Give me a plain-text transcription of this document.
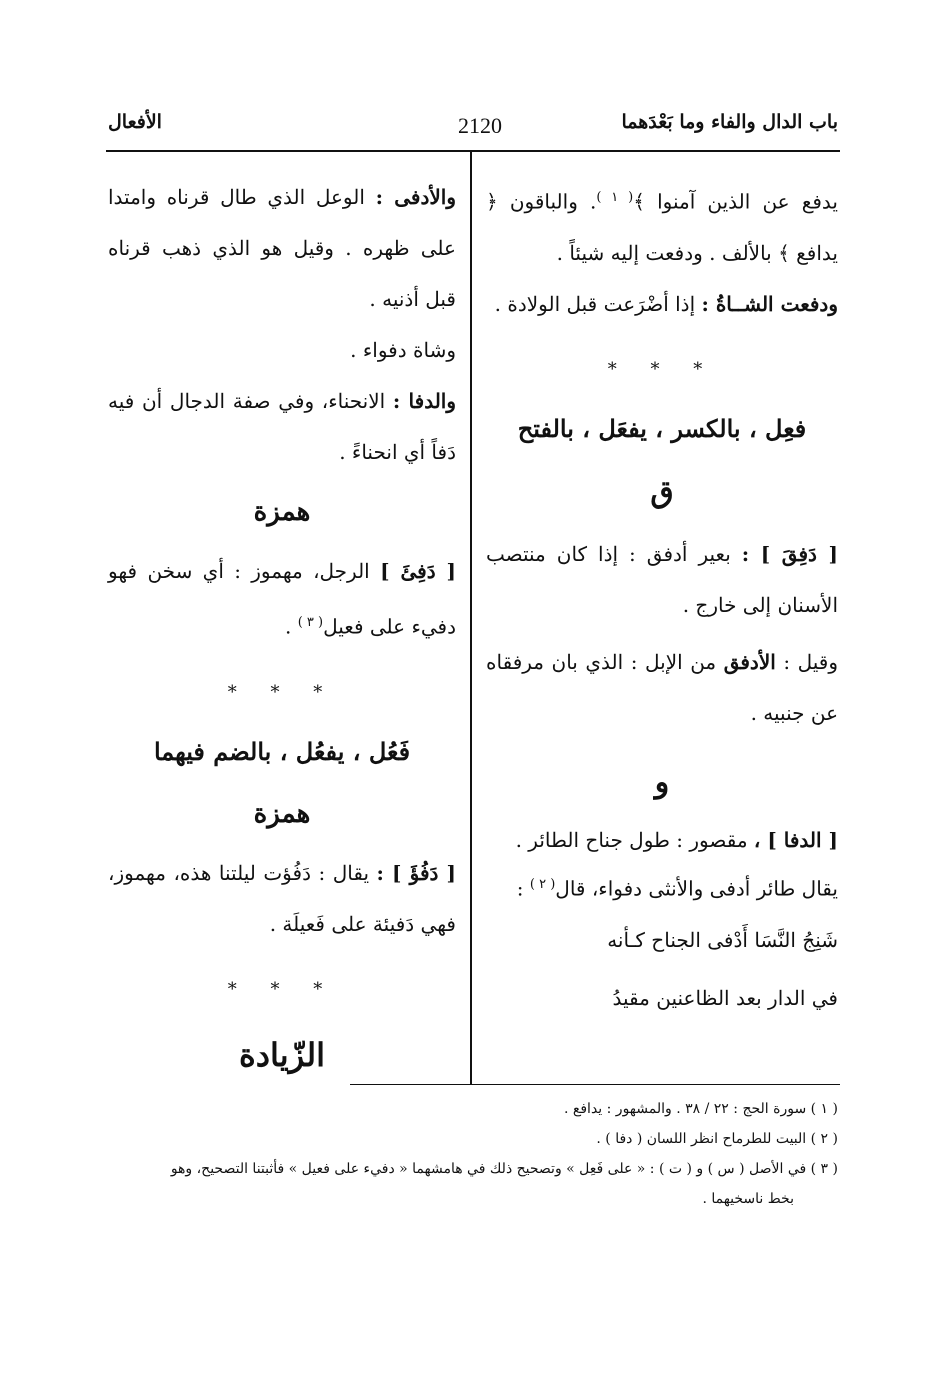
باب الدال والفاء وما بَعْدَهما
2120
الأفعال

يدفع عن الذين آمنوا ﴾$^{( ١ )}$. والباقون ﴿ يدافع ﴾ بالألف . ودفعت إليه شيئاً .

ودفعت الشــاةُ : إذا أضْرَعت قبل الولادة .

* * *
فعِل ، بالكسر ، يفعَل ، بالفتح
ق

[ دَفِقَ ] : بعير أدفق : إذا كان منتصب الأسنان إلى خارج .

وقيل : الأدفق من الإبل : الذي بان مرفقاه عن جنبيه .

و

[ الدفا ] ، مقصور : طول جناح الطائر .

يقال طائر أدفى والأنثى دفواء، قال$^{( ٢ )}$ :

شَنِجُ النَّسَا أَدْفى الجناح كـأنه

في الدار بعد الظاعنين مقيدُ

والأدفى : الوعل الذي طال قرناه وامتدا على ظهره . وقيل هو الذي ذهب قرناه قبل أذنيه .

وشاة دفواء .

والدفا : الانحناء، وفي صفة الدجال أن فيه دَفاً أي انحناءً .

همزة

[ دَفِئَ ] الرجل، مهموز : أي سخن فهو دفيء على فعيل$^{( ٣ )}$ .

* * *
فَعُل ، يفعُل ، بالضم فيهما
همزة

[ دَفُؤَ ] : يقال : دَفُؤت ليلتنا هذه، مهموز، فهي دَفيئة على فَعيلَة .

* * *
الزّيادة

( ١ ) سورة الحج : ٢٢ / ٣٨ . والمشهور : يدافع .

( ٢ ) البيت للطرماح انظر اللسان ( دفا ) .

( ٣ ) في الأصل ( س ) و ( ت ) : « على فَعِل » وتصحيح ذلك في هامشهما « دفيء على فعيل » فأثبتنا التصحيح، وهو

بخط ناسخيهما .
